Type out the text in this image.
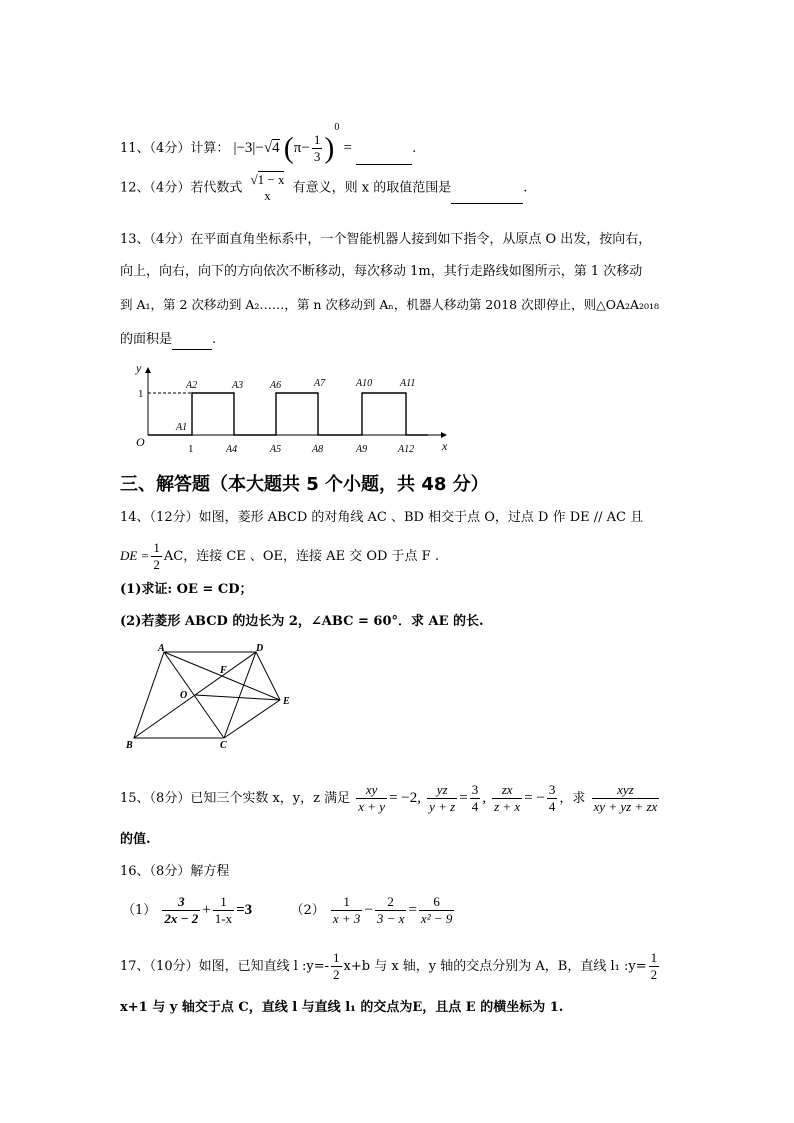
11、（4分）计算： |−3|−√4 $(\pi- \frac{1}{3} )^0$ =	.
12、（4分）若代数式
√1 − x
x	有意义，则 x 的取值范围是	.
13、（4分）在平面直角坐标系中，一个智能机器人接到如下指令，从原点 O 出发，按向右，
向上，向右，向下的方向依次不断移动，每次移动 1m，其行走路线如图所示，第 1 次移动
到 A₁，第 2 次移动到 A₂……，第 n 次移动到 Aₙ，机器人移动第 2018 次即停止，则△OA₂A₂₀₁₈
的面积是	.
y
x
O
1
1
A2	A3	A6	A7	A10	A11
A1
A4	A5	A8	A9	A12
三、解答题（本大题共 5 个小题，共 48 分）
14、（12分）如图，菱形 ABCD 的对角线 AC 、BD 相交于点 O，过点 D 作 DE // AC 且
DE = $\frac{1}{2}$ AC，连接 CE 、OE，连接 AE 交 OD 于点 F .
(1)求证: OE = CD；
(2)若菱形 ABCD 的边长为 2，∠ABC = 60°．求 AE 的长.
A	D
F
O
E
B	C
15、（8分）已知三个实数 x，y，z 满足 $\frac{xy}{x + y} = -2$, $\frac{yz}{y + z} = \frac{3}{4}$ , $\frac{zx}{z + x}$ = − $\frac{3}{4}$ ，求 $\frac{\text{xyz}}{xy + yz + zx}$
的值.
16、（8分）解方程
$(1) \frac{3}{2x - 2} + \frac{1}{1-x} =3$	$(2) \frac{1}{x + 3} - \frac{2}{3 - x} = \frac{6}{\text{x² − 9}}$
17、（10分）如图，已知直线 l :y=- $\frac{1}{2} x+b$ 与 x 轴，y 轴的交点分别为 A，B，直线 l₁ :y= $\frac{1}{2}$
x+1 与 y 轴交于点 C，直线 l 与直线 l₁ 的交点为E，且点 E 的横坐标为 1.
